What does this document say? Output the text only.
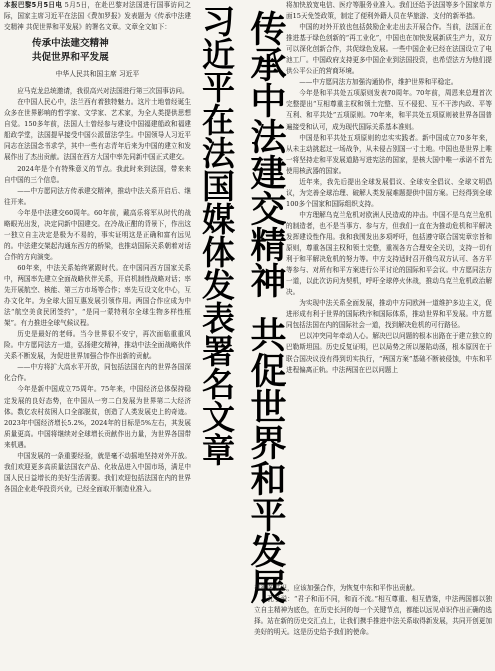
本报巴黎5月5日电 5月5日，在赴巴黎对法国进行国事访问之际，国家主席习近平在法国《费加罗报》发表题为《传承中法建交精神 共促世界和平发展》的署名文章。文章全文如下：

传承中法建交精神

共促世界和平发展

中华人民共和国主席 习近平

应马克龙总统邀请，我很高兴对法国进行第三次国事访问。

在中国人民心中，法兰西有着独特魅力。这片土地曾经诞生众多在世界影响的哲学家、文学家、艺术家，为全人类提供思想自觉。150多年前，法国人士曾经参与建设中国福建船政和福建船政学堂，法国提早接受中国公派留法学生。中国领导人习近平同志在法国念书求学，其中一些有志青年后来为中国的建立和发展作出了杰出贡献。法国在西方大国中率先同新中国正式建交。

2024年是个有特殊意义的节点。我此时来到法国，带来来自中国的三个信息。

——中方愿同法方传承建交精神，推动中法关系开启后、继往开来。

今年是中法建交60周年。60年前，戴高乐将军从时代的战略眼光出发，决定同新中国建交。在冷战正酣的背景下，作出这一独立自主决定是极为不易的，事实证明这是正确和富有远见的。中法建交架起沟通东西方的桥梁，也推动国际关系朝着对话合作的方向演变。

60年来，中法关系始终紧跟时代。在中国同西方国家关系中，两国率先建立全面战略伙伴关系，开启机制性战略对话；率先开展航空、核能、第三方市场等合作；率先互设文化中心，互办文化年。为全球大国互惠发展引领作用。两国合作应成为中法“航空美食民团签约”，“是同一蒙特利尔全球生物多样性框架”。有力推进全球气候议程。

历史是最好的老师。当今世界很不安宁，再次面临重重风险。中方愿同法方一道，弘扬建交精神，推动中法全面战略伙伴关系不断发展，为促进世界加强合作作出新的贡献。

——中方将扩大高水平开放，同包括法国在内的世界各国深化合作。

今年是新中国成立75周年。75年来，中国经济总体保持稳定发展的良好态势，在中国从一穷二白发展为世界第二大经济体。数亿农村贫困人口全部脱贫，创造了人类发展史上的奇迹。2023年中国经济增长5.2%，2024年的目标是5%左右，其发展质量更高。中国将继续对全球增长贡献作出力量，为世界各国带来机遇。

中国发展的一条重要经验，就是毫不动摇地坚持对外开放。我们欢迎更多高质量法国农产品、化妆品进入中国市场，满足中国人民日益增长的美好生活需要。我们欢迎包括法国在内的世界各国企业赴华投资兴业，已经全面取开制造业准入。

习近平在法国媒体发表署名文章 传承中法建交精神
共促世界和平发展

将加快放宽电信、医疗等服务业准入。我们还给予法国等多个国家单方面15天免签政策，制定了便利外籍人员在华旅游、支付的新举措。

中国的对外开放也包括鼓励企业走出去开展合作。当前，法国正在推进基于绿色创新的“再工业化”，中国也在加快发展新质生产力，双方可以深化创新合作，共促绿色发展。一些中国企业已经在法国设立了电池工厂。中国政府支持更多中国企业到法国投资，也希望法方为他们提供公平公正的营商环境。

——中方愿同法方加强沟通协作，维护世界和平稳定。

今年是和平共处五项原则发表70周年。70年前，周恩来总理首次完整提出“互相尊重主权和领土完整、互不侵犯、互不干涉内政、平等互利、和平共处”五项原则。70年来，和平共处五项原则被世界各国普遍接受和认可，成为现代国际关系基本准则。

中国是和平共处五项原则的忠实实践者。新中国成立70多年来，从未主动挑起过一场战争，从未侵占别国一寸土地。中国也是世界上唯一将坚持走和平发展道路写进宪法的国家，是核大国中唯一承诺不首先使用核武器的国家。

近年来，我先后提出全球发展倡议、全球安全倡议、全球文明倡议，为完善全球治理、破解人类发展难题提供中国方案。已经得到全球100多个国家和国际组织支持。

中方理解乌克兰危机对欧洲人民造成的冲击。中国不是乌克兰危机的制造者，也不是当事方、参与方，但我们一直在为推动危机和平解决发挥建设性作用。我和我围发出多项呼吁，包括遵守联合国宪章宗旨和原则，尊重各国主权和领土完整，重视各方合理安全关切，支持一切有利于和平解决危机的努力等。中方支持适时召开俄乌双方认可、各方平等参与、对所有和平方案进行公平讨论的国际和平会议。中方愿同法方一道，以此次访问为契机，呼吁全球停火休战，推动乌克兰危机政治解决。

为实现中法关系全面发展，推动中方同欧洲一道维护多边主义，促进形成有利于世界的国际秩序和国际体系，推动世界和平发展。中方愿同包括法国在内的国际社会一道，找到解决危机的可行路径。

巴以冲突同年牵动人心。解决巴以问题的根本出路在于建立独立的巴勒斯坦国。历史反复证明，巴以局势之所以屡陷动荡，根本原因在于联合国决议没有得到切实执行，“两国方案”基础不断被侵蚀，中东和平进程偏离正轨。中法两国在巴以问题上

有很多共识，应该加强合作，为恢复中东和平作出贡献。

孔子说：“君子和而不同，和而不流。”相互尊重、相互借鉴，中法两国都以独立自主精神为底色，在历史长河的每一个关键节点，都能以远见卓识作出正确的选择。站在新的历史交汇点上，让我们携手推进中法关系取得新发展，共同开创更加美好的明天。这是历史给予我们的使命。
